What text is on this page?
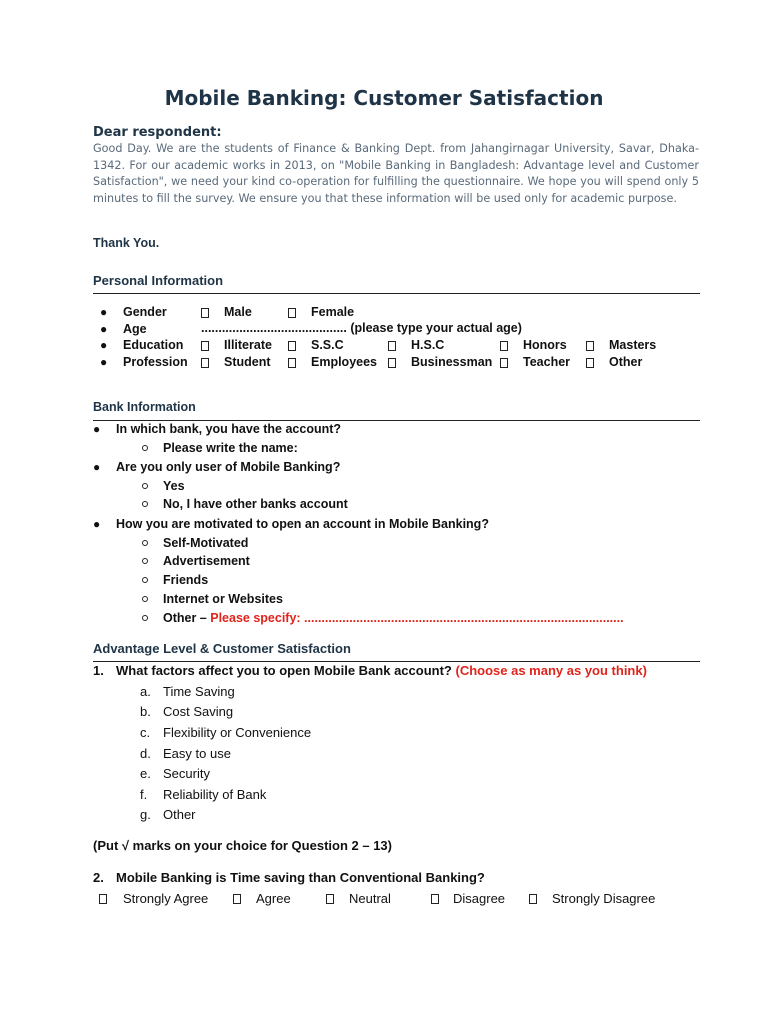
Mobile Banking: Customer Satisfaction
Dear respondent:
Good Day. We are the students of Finance & Banking Dept. from Jahangirnagar University, Savar, Dhaka-1342. For our academic works in 2013, on "Mobile Banking in Bangladesh: Advantage level and Customer Satisfaction", we need your kind co-operation for fulfilling the questionnaire. We hope you will spend only 5 minutes to fill the survey. We ensure you that these information will be used only for academic purpose.
Thank You.
Personal Information
● Gender	Male	Female
● Age	.......................................... (please type your actual age)
● Education	Illiterate	S.S.C	H.S.C	Honors	Masters
● Profession	Student	Employees	Businessman Teacher	Other
Bank Information
● In which bank, you have the account?
Please write the name:
● Are you only user of Mobile Banking?
Yes
No, I have other banks account
● How you are motivated to open an account in Mobile Banking?
Self-Motivated
Advertisement
Friends
Internet or Websites
Other – Please specify: ............................................................................................
Advantage Level & Customer Satisfaction
1. What factors affect you to open Mobile Bank account? (Choose as many as you think)
a. Time Saving
b. Cost Saving
c. Flexibility or Convenience
d. Easy to use
e. Security
f. Reliability of Bank
g. Other
(Put √ marks on your choice for Question 2 – 13)
2. Mobile Banking is Time saving than Conventional Banking?
Strongly Agree	Agree	Neutral	Disagree	Strongly Disagree
